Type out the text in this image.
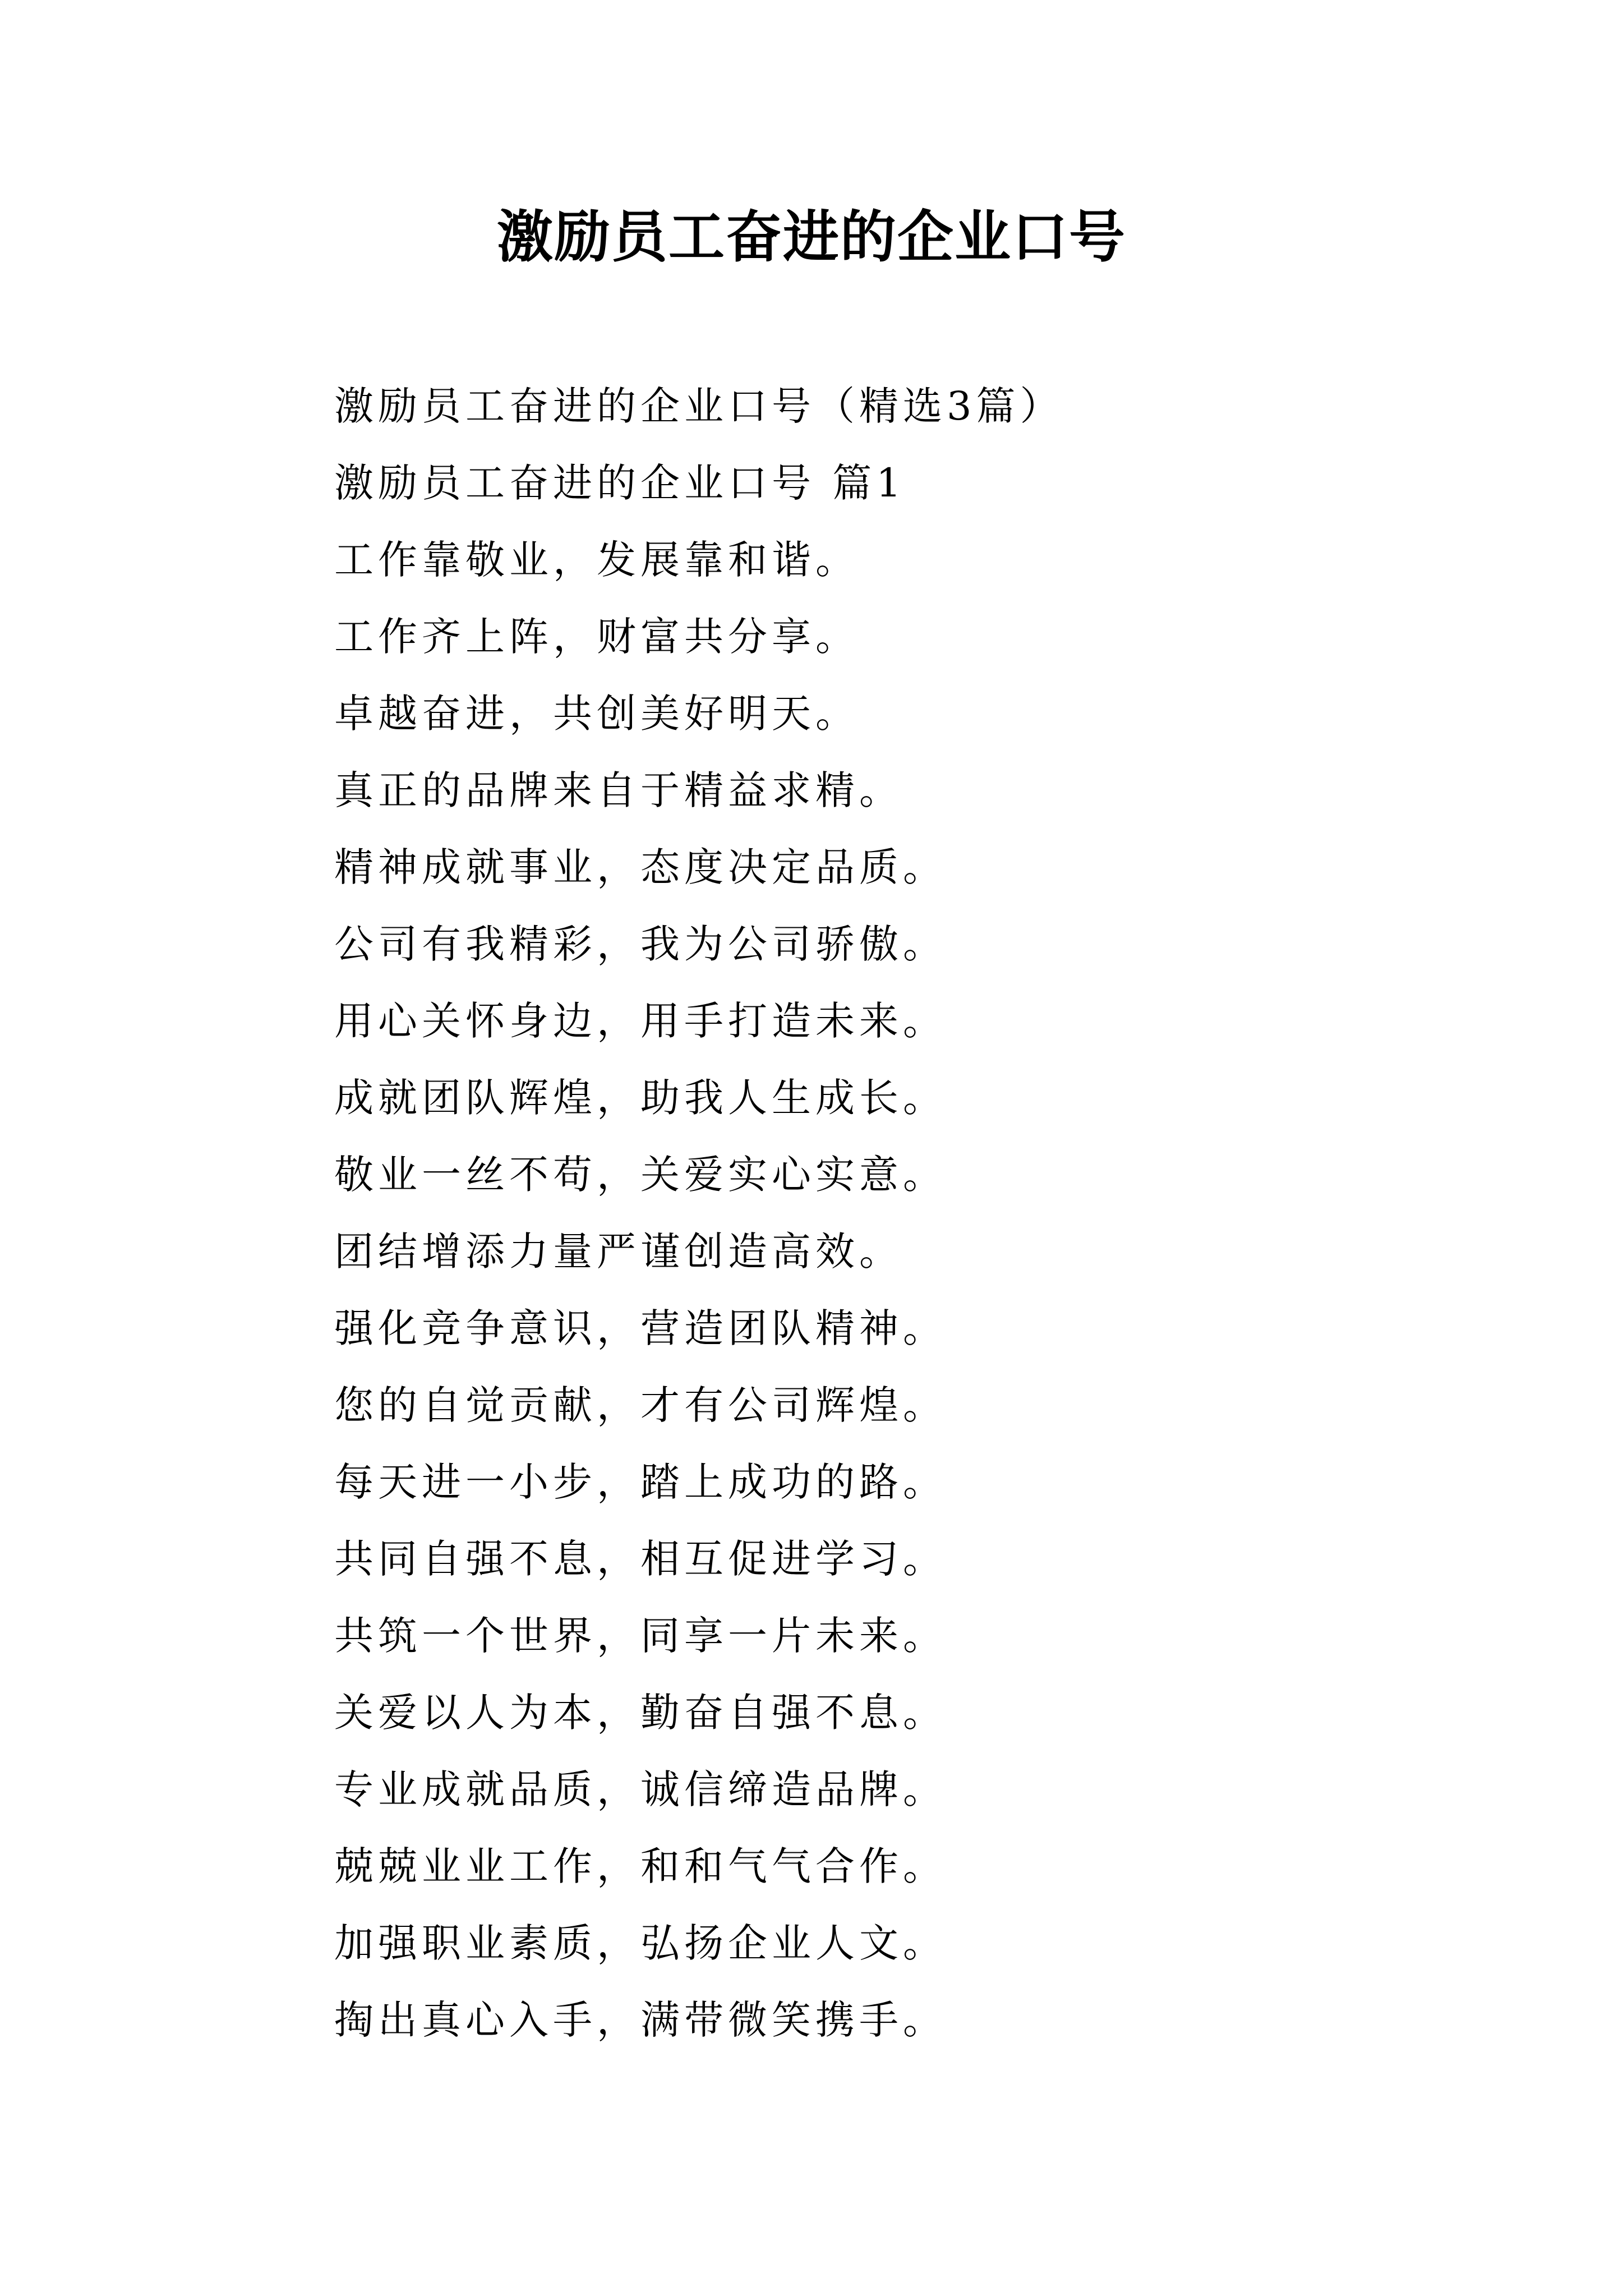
激励员工奋进的企业口号

激励员工奋进的企业口号（精选3篇）

激励员工奋进的企业口号 篇1

工作靠敬业，发展靠和谐。

工作齐上阵，财富共分享。

卓越奋进，共创美好明天。

真正的品牌来自于精益求精。

精神成就事业，态度决定品质。

公司有我精彩，我为公司骄傲。

用心关怀身边，用手打造未来。

成就团队辉煌，助我人生成长。

敬业一丝不苟，关爱实心实意。

团结增添力量严谨创造高效。

强化竞争意识，营造团队精神。

您的自觉贡献，才有公司辉煌。

每天进一小步，踏上成功的路。

共同自强不息，相互促进学习。

共筑一个世界，同享一片未来。

关爱以人为本，勤奋自强不息。

专业成就品质，诚信缔造品牌。

兢兢业业工作，和和气气合作。

加强职业素质，弘扬企业人文。

掏出真心入手，满带微笑携手。
